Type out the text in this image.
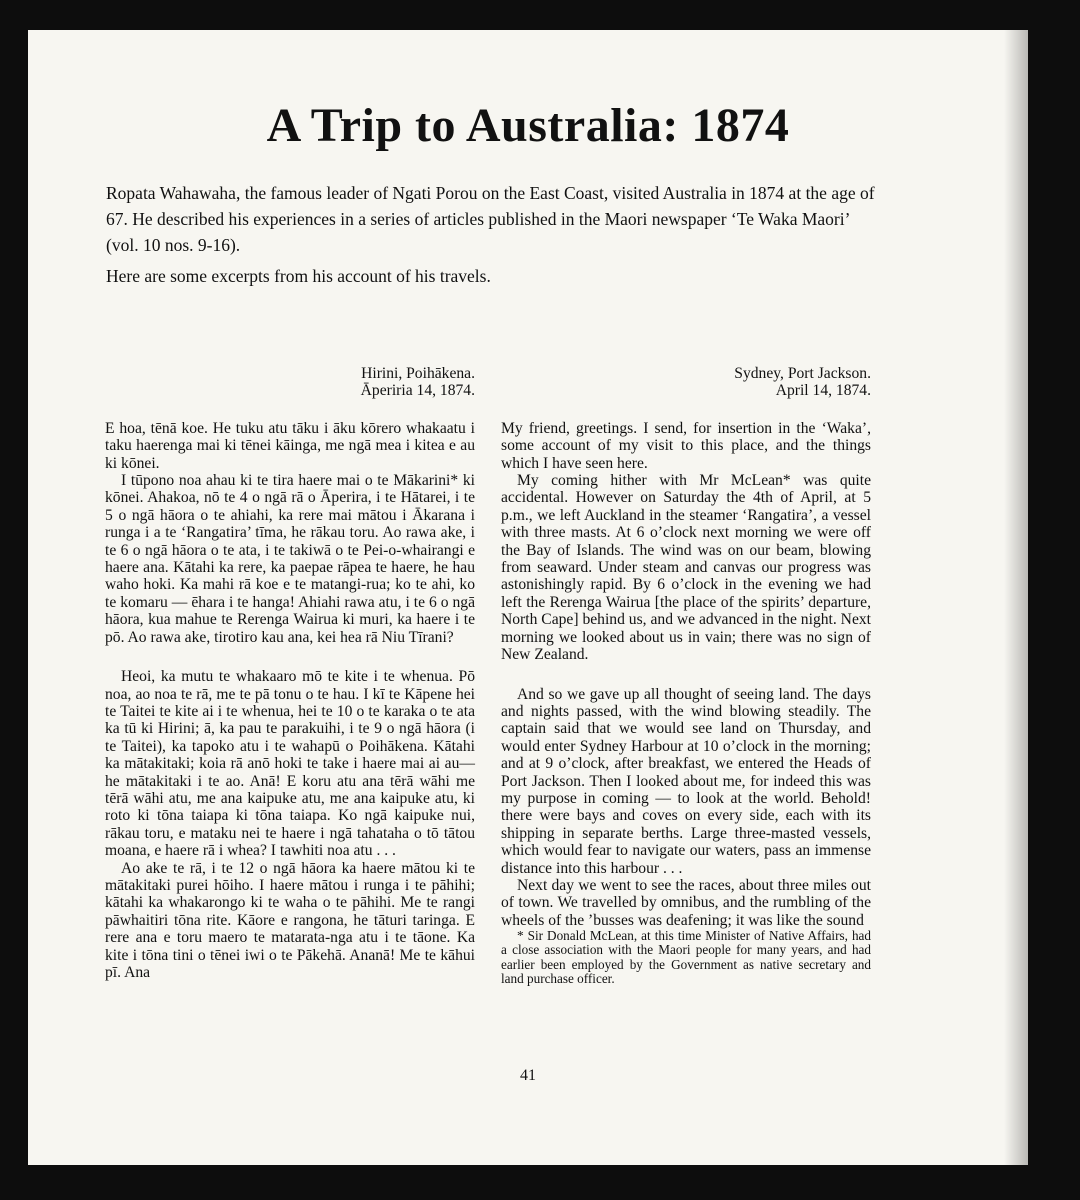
A Trip to Australia: 1874

Ropata Wahawaha, the famous leader of Ngati Porou on the East Coast, visited Australia in 1874 at the age of 67. He described his experiences in a series of articles published in the Maori newspaper ‘Te Waka Maori’ (vol. 10 nos. 9-16).

Here are some excerpts from his account of his travels.

Hirini, Poihākena.
Āperiria 14, 1874.

E hoa, tēnā koe. He tuku atu tāku i āku kōrero whakaatu i taku haerenga mai ki tēnei kāinga, me ngā mea i kitea e au ki kōnei.

I tūpono noa ahau ki te tira haere mai o te Mākarini* ki kōnei. Ahakoa, nō te 4 o ngā rā o Āperira, i te Hātarei, i te 5 o ngā hāora o te ahiahi, ka rere mai mātou i Ākarana i runga i a te ‘Rangatira’ tīma, he rākau toru. Ao rawa ake, i te 6 o ngā hāora o te ata, i te takiwā o te Pei-o-whairangi e haere ana. Kātahi ka rere, ka paepae rāpea te haere, he hau waho hoki. Ka mahi rā koe e te matangi-rua; ko te ahi, ko te komaru — ēhara i te hanga! Ahiahi rawa atu, i te 6 o ngā hāora, kua mahue te Rerenga Wairua ki muri, ka haere i te pō. Ao rawa ake, tirotiro kau ana, kei hea rā Niu Tīrani?

Heoi, ka mutu te whakaaro mō te kite i te whenua. Pō noa, ao noa te rā, me te pā tonu o te hau. I kī te Kāpene hei te Taitei te kite ai i te whenua, hei te 10 o te karaka o te ata ka tū ki Hirini; ā, ka pau te parakuihi, i te 9 o ngā hāora (i te Taitei), ka tapoko atu i te wahapū o Poihākena. Kātahi ka mātakitaki; koia rā anō hoki te take i haere mai ai au—he mātakitaki i te ao. Anā! E koru atu ana tērā wāhi me tērā wāhi atu, me ana kaipuke atu, me ana kaipuke atu, ki roto ki tōna taiapa ki tōna taiapa. Ko ngā kaipuke nui, rākau toru, e mataku nei te haere i ngā tahataha o tō tātou moana, e haere rā i whea? I tawhiti noa atu . . .

Ao ake te rā, i te 12 o ngā hāora ka haere mātou ki te mātakitaki purei hōiho. I haere mātou i runga i te pāhihi; kātahi ka whakarongo ki te waha o te pāhihi. Me te rangi pāwhaitiri tōna rite. Kāore e rangona, he tāturi taringa. E rere ana e toru maero te matarata-nga atu i te tāone. Ka kite i tōna tini o tēnei iwi o te Pākehā. Ananā! Me te kāhui pī. Ana

Sydney, Port Jackson.
April 14, 1874.

My friend, greetings. I send, for insertion in the ‘Waka’, some account of my visit to this place, and the things which I have seen here.

My coming hither with Mr McLean* was quite accidental. However on Saturday the 4th of April, at 5 p.m., we left Auckland in the steamer ‘Rangatira’, a vessel with three masts. At 6 o’clock next morning we were off the Bay of Islands. The wind was on our beam, blowing from seaward. Under steam and canvas our progress was astonishingly rapid. By 6 o’clock in the evening we had left the Rerenga Wairua [the place of the spirits’ departure, North Cape] behind us, and we advanced in the night. Next morning we looked about us in vain; there was no sign of New Zealand.

And so we gave up all thought of seeing land. The days and nights passed, with the wind blowing steadily. The captain said that we would see land on Thursday, and would enter Sydney Harbour at 10 o’clock in the morning; and at 9 o’clock, after breakfast, we entered the Heads of Port Jackson. Then I looked about me, for indeed this was my purpose in coming — to look at the world. Behold! there were bays and coves on every side, each with its shipping in separate berths. Large three-masted vessels, which would fear to navigate our waters, pass an immense distance into this harbour . . .

Next day we went to see the races, about three miles out of town. We travelled by omnibus, and the rumbling of the wheels of the ’busses was deafening; it was like the sound

* Sir Donald McLean, at this time Minister of Native Affairs, had a close association with the Maori people for many years, and had earlier been employed by the Government as native secretary and land purchase officer.

41
